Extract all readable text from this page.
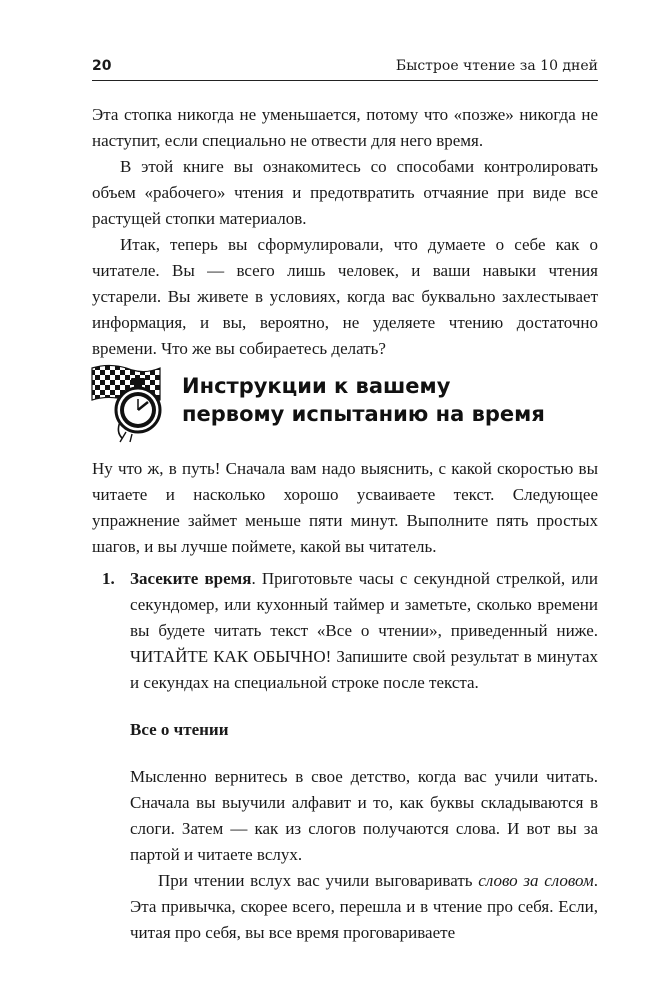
20	Быстрое чтение за 10 дней

Эта стопка никогда не уменьшается, потому что «позже» никогда не наступит, если специально не отвести для него время.

В этой книге вы ознакомитесь со способами контролировать объем «рабочего» чтения и предотвратить отчаяние при виде все растущей стопки материалов.

Итак, теперь вы сформулировали, что думаете о себе как о читателе. Вы — всего лишь человек, и ваши навыки чтения устарели. Вы живете в условиях, когда вас буквально захлестывает информация, и вы, вероятно, не уделяете чтению достаточно времени. Что же вы собираетесь делать?

Инструкции к вашему
первому испытанию на время

Ну что ж, в путь! Сначала вам надо выяснить, с какой скоростью вы читаете и насколько хорошо усваиваете текст. Следующее упражнение займет меньше пяти минут. Выполните пять простых шагов, и вы лучше поймете, какой вы читатель.

1. Засеките время. Приготовьте часы с секундной стрелкой, или секундомер, или кухонный таймер и заметьте, сколько времени вы будете читать текст «Все о чтении», приведенный ниже. ЧИТАЙТЕ КАК ОБЫЧНО! Запишите свой результат в минутах и секундах на специальной строке после текста.
Все о чтении

Мысленно вернитесь в свое детство, когда вас учили читать. Сначала вы выучили алфавит и то, как буквы складываются в слоги. Затем — как из слогов получаются слова. И вот вы за партой и читаете вслух.

При чтении вслух вас учили выговаривать слово за словом. Эта привычка, скорее всего, перешла и в чтение про себя. Если, читая про себя, вы все время проговариваете
